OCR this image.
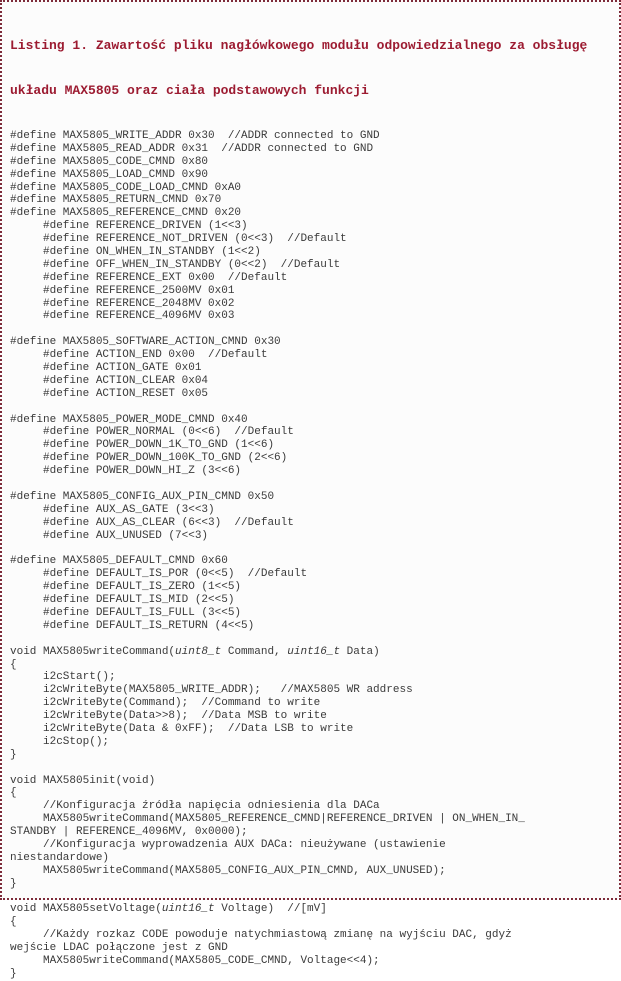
Listing 1. Zawartość pliku nagłówkowego modułu odpowiedzialnego za obsługę

układu MAX5805 oraz ciała podstawowych funkcji

#define MAX5805_WRITE_ADDR 0x30  //ADDR connected to GND
#define MAX5805_READ_ADDR 0x31  //ADDR connected to GND
#define MAX5805_CODE_CMND 0x80
#define MAX5805_LOAD_CMND 0x90
#define MAX5805_CODE_LOAD_CMND 0xA0
#define MAX5805_RETURN_CMND 0x70
#define MAX5805_REFERENCE_CMND 0x20
#define REFERENCE_DRIVEN (1<<3)
#define REFERENCE_NOT_DRIVEN (0<<3)  //Default
#define ON_WHEN_IN_STANDBY (1<<2)
#define OFF_WHEN_IN_STANDBY (0<<2)  //Default
#define REFERENCE_EXT 0x00  //Default
#define REFERENCE_2500MV 0x01
#define REFERENCE_2048MV 0x02
#define REFERENCE_4096MV 0x03

#define MAX5805_SOFTWARE_ACTION_CMND 0x30
#define ACTION_END 0x00  //Default
#define ACTION_GATE 0x01
#define ACTION_CLEAR 0x04
#define ACTION_RESET 0x05

#define MAX5805_POWER_MODE_CMND 0x40
#define POWER_NORMAL (0<<6)  //Default
#define POWER_DOWN_1K_TO_GND (1<<6)
#define POWER_DOWN_100K_TO_GND (2<<6)
#define POWER_DOWN_HI_Z (3<<6)

#define MAX5805_CONFIG_AUX_PIN_CMND 0x50
#define AUX_AS_GATE (3<<3)
#define AUX_AS_CLEAR (6<<3)  //Default
#define AUX_UNUSED (7<<3)

#define MAX5805_DEFAULT_CMND 0x60
#define DEFAULT_IS_POR (0<<5)  //Default
#define DEFAULT_IS_ZERO (1<<5)
#define DEFAULT_IS_MID (2<<5)
#define DEFAULT_IS_FULL (3<<5)
#define DEFAULT_IS_RETURN (4<<5)

void MAX5805writeCommand(uint8_t Command, uint16_t Data)
{
i2cStart();
i2cWriteByte(MAX5805_WRITE_ADDR);   //MAX5805 WR address
i2cWriteByte(Command);  //Command to write
i2cWriteByte(Data>>8);  //Data MSB to write
i2cWriteByte(Data & 0xFF);  //Data LSB to write
i2cStop();
}

void MAX5805init(void)
{
//Konfiguracja źródła napięcia odniesienia dla DACa
MAX5805writeCommand(MAX5805_REFERENCE_CMND|REFERENCE_DRIVEN | ON_WHEN_IN_
STANDBY | REFERENCE_4096MV, 0x0000);
//Konfiguracja wyprowadzenia AUX DACa: nieużywane (ustawienie
niestandardowe)
MAX5805writeCommand(MAX5805_CONFIG_AUX_PIN_CMND, AUX_UNUSED);
}

void MAX5805setVoltage(uint16_t Voltage)  //[mV]
{
//Każdy rozkaz CODE powoduje natychmiastową zmianę na wyjściu DAC, gdyż
wejście LDAC połączone jest z GND
MAX5805writeCommand(MAX5805_CODE_CMND, Voltage<<4);
}
